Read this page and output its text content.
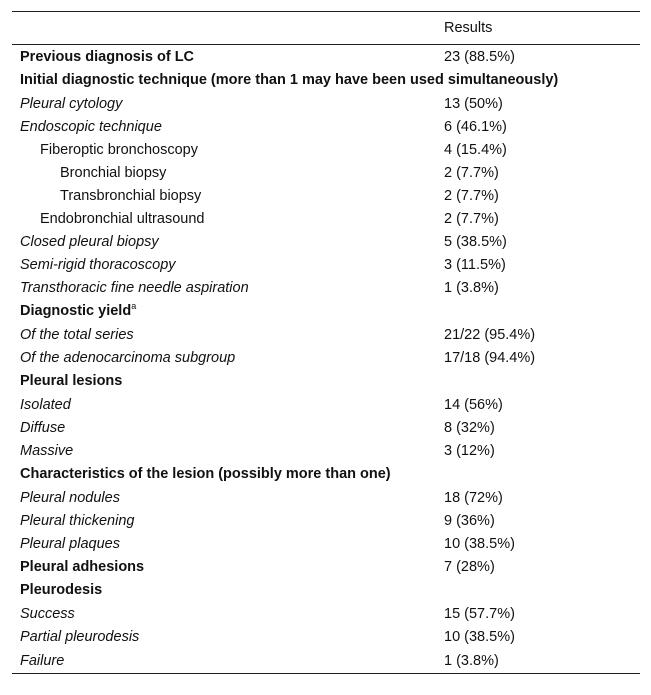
	Results
Previous diagnosis of LC	23 (88.5%)
Initial diagnostic technique (more than 1 may have been used simultaneously)	
Pleural cytology	13 (50%)
Endoscopic technique	6 (46.1%)
Fiberoptic bronchoscopy	4 (15.4%)
Bronchial biopsy	2 (7.7%)
Transbronchial biopsy	2 (7.7%)
Endobronchial ultrasound	2 (7.7%)
Closed pleural biopsy	5 (38.5%)
Semi-rigid thoracoscopy	3 (11.5%)
Transthoracic fine needle aspiration	1 (3.8%)
Diagnostic yield$^a$	
Of the total series	21/22 (95.4%)
Of the adenocarcinoma subgroup	17/18 (94.4%)
Pleural lesions	
Isolated	14 (56%)
Diffuse	8 (32%)
Massive	3 (12%)
Characteristics of the lesion (possibly more than one)	
Pleural nodules	18 (72%)
Pleural thickening	9 (36%)
Pleural plaques	10 (38.5%)
Pleural adhesions	7 (28%)
Pleurodesis	
Success	15 (57.7%)
Partial pleurodesis	10 (38.5%)
Failure	1 (3.8%)
